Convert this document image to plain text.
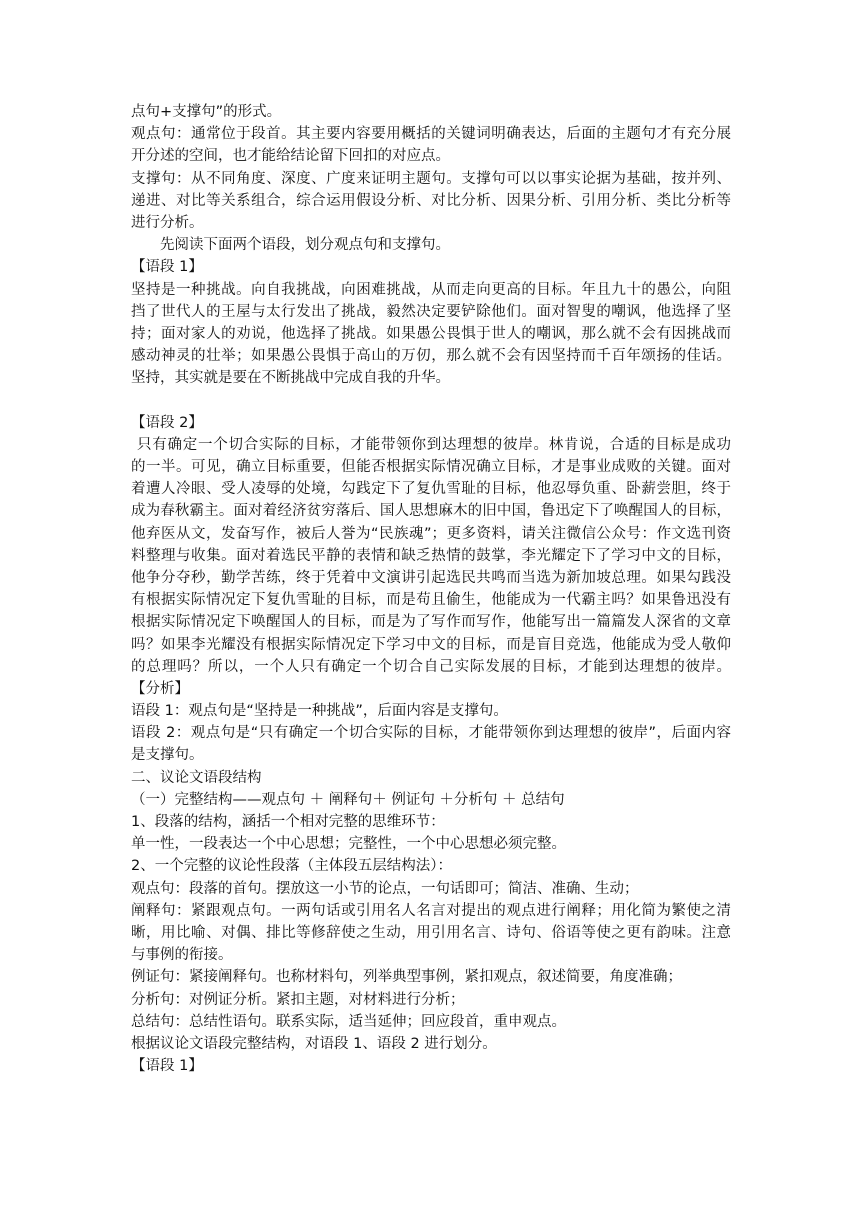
点句+支撑句”的形式。
观点句：通常位于段首。其主要内容要用概括的关键词明确表达，后面的主题句才有充分展
开分述的空间，也才能给结论留下回扣的对应点。
支撑句：从不同角度、深度、广度来证明主题句。支撑句可以以事实论据为基础，按并列、
递进、对比等关系组合，综合运用假设分析、对比分析、因果分析、引用分析、类比分析等
进行分析。
先阅读下面两个语段，划分观点句和支撑句。
【语段 1】
坚持是一种挑战。向自我挑战，向困难挑战，从而走向更高的目标。年且九十的愚公，向阻
挡了世代人的王屋与太行发出了挑战，毅然决定要铲除他们。面对智叟的嘲讽，他选择了坚
持；面对家人的劝说，他选择了挑战。如果愚公畏惧于世人的嘲讽，那么就不会有因挑战而
感动神灵的壮举；如果愚公畏惧于高山的万仞，那么就不会有因坚持而千百年颂扬的佳话。
坚持，其实就是要在不断挑战中完成自我的升华。
【语段 2】
只有确定一个切合实际的目标，才能带领你到达理想的彼岸。林肯说，合适的目标是成功
的一半。可见，确立目标重要，但能否根据实际情况确立目标，才是事业成败的关键。面对
着遭人冷眼、受人凌辱的处境，勾践定下了复仇雪耻的目标，他忍辱负重、卧薪尝胆，终于
成为春秋霸主。面对着经济贫穷落后、国人思想麻木的旧中国，鲁迅定下了唤醒国人的目标，
他弃医从文，发奋写作，被后人誉为“民族魂”；更多资料，请关注微信公众号：作文选刊资
料整理与收集。面对着选民平静的表情和缺乏热情的鼓掌，李光耀定下了学习中文的目标，
他争分夺秒，勤学苦练，终于凭着中文演讲引起选民共鸣而当选为新加坡总理。如果勾践没
有根据实际情况定下复仇雪耻的目标，而是苟且偷生，他能成为一代霸主吗？如果鲁迅没有
根据实际情况定下唤醒国人的目标，而是为了写作而写作，他能写出一篇篇发人深省的文章
吗？如果李光耀没有根据实际情况定下学习中文的目标，而是盲目竞选，他能成为受人敬仰
的总理吗？所以，一个人只有确定一个切合自己实际发展的目标，才能到达理想的彼岸。
【分析】
语段 1：观点句是“坚持是一种挑战”，后面内容是支撑句。
语段 2：观点句是“只有确定一个切合实际的目标，才能带领你到达理想的彼岸”，后面内容
是支撑句。
二、议论文语段结构
（一）完整结构——观点句 ＋ 阐释句＋ 例证句 ＋分析句 ＋ 总结句
1、段落的结构，涵括一个相对完整的思维环节：
单一性，一段表达一个中心思想；完整性，一个中心思想必须完整。
2、一个完整的议论性段落（主体段五层结构法）：
观点句：段落的首句。摆放这一小节的论点，一句话即可；简洁、准确、生动；
阐释句：紧跟观点句。一两句话或引用名人名言对提出的观点进行阐释；用化简为繁使之清
晰，用比喻、对偶、排比等修辞使之生动，用引用名言、诗句、俗语等使之更有韵味。注意
与事例的衔接。
例证句：紧接阐释句。也称材料句，列举典型事例，紧扣观点，叙述简要，角度准确；
分析句：对例证分析。紧扣主题，对材料进行分析；
总结句：总结性语句。联系实际，适当延伸；回应段首，重申观点。
根据议论文语段完整结构，对语段 1、语段 2 进行划分。
【语段 1】
